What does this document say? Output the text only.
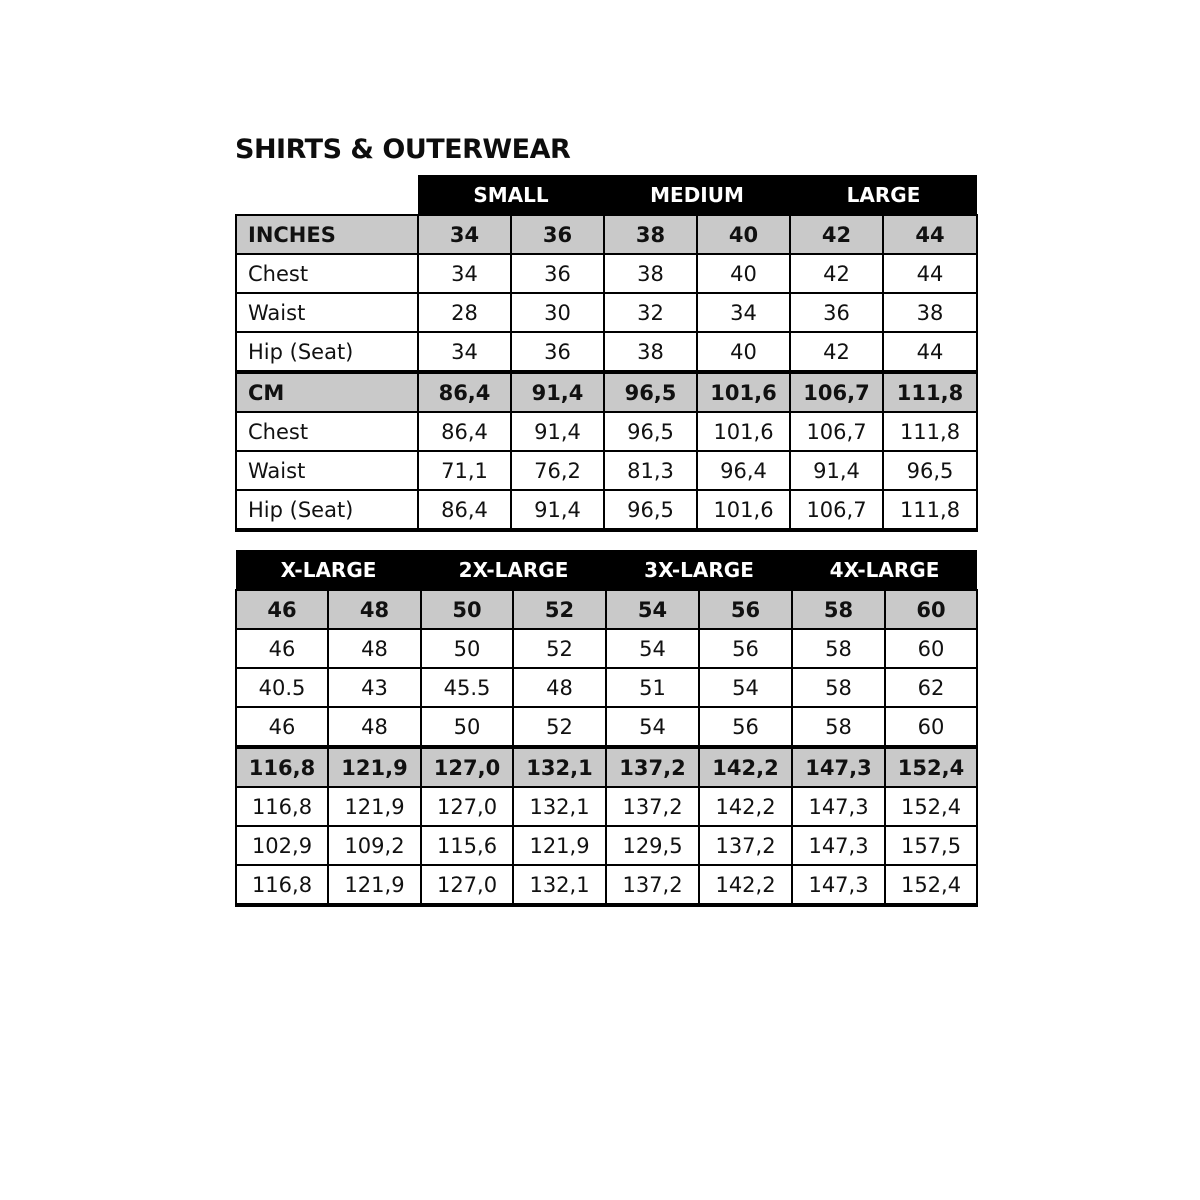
SHIRTS & OUTERWEAR
	SMALL		MEDIUM		LARGE	
INCHES	34	36	38	40	42	44
Chest	34	36	38	40	42	44
Waist	28	30	32	34	36	38
Hip (Seat)	34	36	38	40	42	44
CM	86,4	91,4	96,5	101,6	106,7	111,8
Chest	86,4	91,4	96,5	101,6	106,7	111,8
Waist	71,1	76,2	81,3	96,4	91,4	96,5
Hip (Seat)	86,4	91,4	96,5	101,6	106,7	111,8
X-LARGE		2X-LARGE		3X-LARGE		4X-LARGE	
46	48	50	52	54	56	58	60
46	48	50	52	54	56	58	60
40.5	43	45.5	48	51	54	58	62
46	48	50	52	54	56	58	60
116,8	121,9	127,0	132,1	137,2	142,2	147,3	152,4
116,8	121,9	127,0	132,1	137,2	142,2	147,3	152,4
102,9	109,2	115,6	121,9	129,5	137,2	147,3	157,5
116,8	121,9	127,0	132,1	137,2	142,2	147,3	152,4
